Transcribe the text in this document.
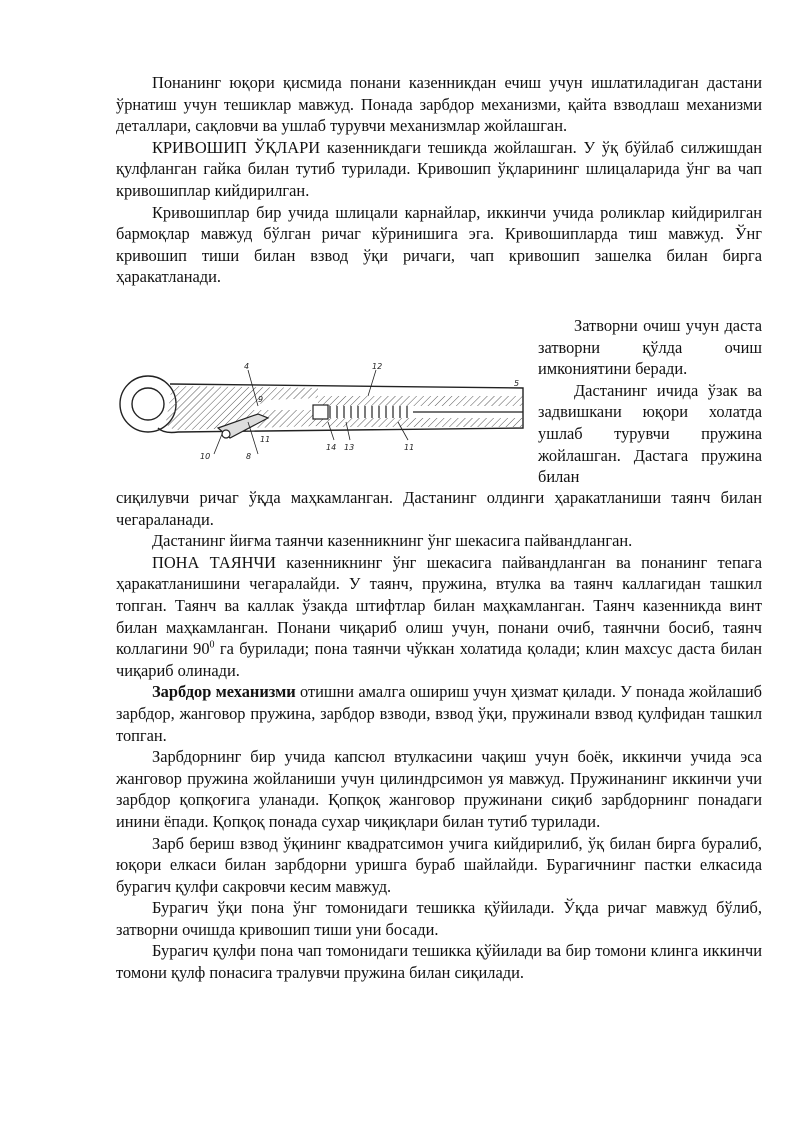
Понанинг юқори қисмида понани казенникдан ечиш учун ишлатиладиган дастани ўрнатиш учун тешиклар мавжуд. Понада зарбдор механизми, қайта взводлаш механизми деталлари, сақловчи ва ушлаб турувчи механизмлар жойлашган.

КРИВОШИП ЎҚЛАРИ казенникдаги тешикда жойлашган. У ўқ бўйлаб силжишдан қулфланган гайка билан тутиб турилади. Кривошип ўқларининг шлицаларида ўнг ва чап кривошиплар кийдирилган.

Кривошиплар бир учида шлицали карнайлар, иккинчи учида роликлар кийдирилган бармоқлар мавжуд бўлган ричаг кўринишига эга. Кривошипларда тиш мавжуд. Ўнг кривошип тиши билан взвод ўқи ричаги, чап кривошип зашелка билан бирга ҳаракатланади.

Затворни очиш учун даста затворни қўлда очиш имкониятини беради.

Дастанинг ичида ўзак ва задвишкани юқори холатда ушлаб турувчи пружина жойлашган. Дастага пружина билан

4	12
9
10	8
11
14 13	11
5

сиқилувчи ричаг ўқда маҳкамланган. Дастанинг олдинги ҳаракатланиши таянч билан чегараланади.

Дастанинг йиғма таянчи казенникнинг ўнг шекасига пайвандланган.

ПОНА ТАЯНЧИ казенникнинг ўнг шекасига пайвандланган ва понанинг тепага ҳаракатланишини чегаралайди. У таянч, пружина, втулка ва таянч каллагидан ташкил топган. Таянч ва каллак ўзакда штифтлар билан маҳкамланган. Таянч казенникда винт билан маҳкамланган. Понани чиқариб олиш учун, понани очиб, таянчни босиб, таянч коллагини $90^0$ га бурилади; пона таянчи чўккан холатида қолади; клин махсус даста билан чиқариб олинади.

Зарбдор механизми отишни амалга ошириш учун ҳизмат қилади. У понада жойлашиб зарбдор, жанговор пружина, зарбдор взводи, взвод ўқи, пружинали взвод қулфидан ташкил топган.

Зарбдорнинг бир учида капсюл втулкасини чақиш учун боёк, иккинчи учида эса жанговор пружина жойланиши учун цилиндрсимон уя мавжуд. Пружинанинг иккинчи учи зарбдор қопқоғига уланади. Қопқоқ жанговор пружинани сиқиб зарбдорнинг понадаги инини ёпади. Қопқоқ понада сухар чиқиқлари билан тутиб турилади.

Зарб бериш взвод ўқининг квадратсимон учига кийдирилиб, ўқ билан бирга буралиб, юқори елкаси билан зарбдорни уришга бураб шайлайди. Бурагичнинг пастки елкасида бурагич қулфи сакровчи кесим мавжуд.

Бурагич ўқи пона ўнг томонидаги тешикка қўйилади. Ўқда ричаг мавжуд бўлиб, затворни очишда кривошип тиши уни босади.

Бурагич қулфи пона чап томонидаги тешикка қўйилади ва бир томони клинга иккинчи томони қулф понасига тралувчи пружина билан сиқилади.
